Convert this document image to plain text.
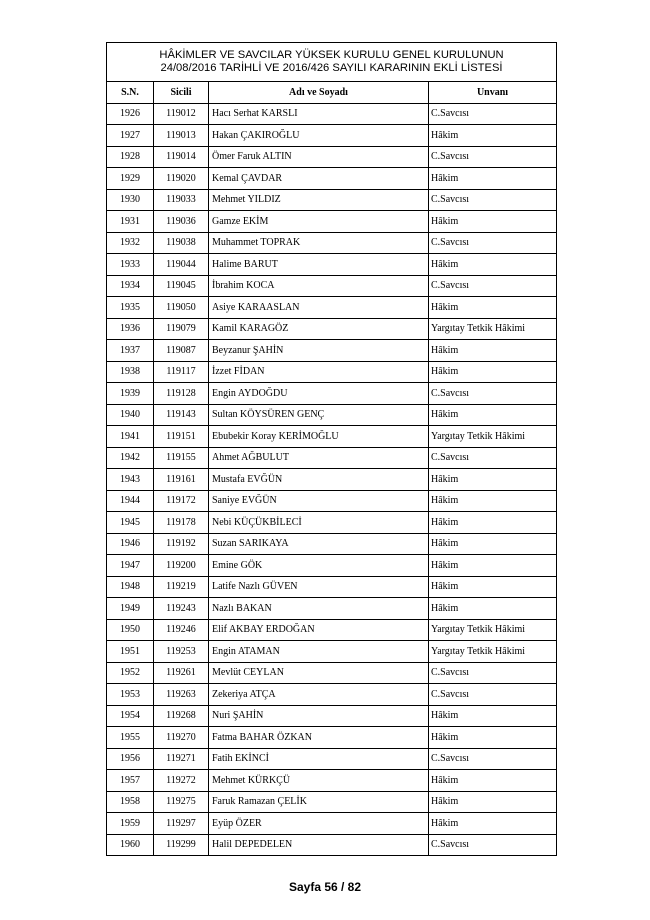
HÂKİMLER VE SAVCILAR YÜKSEK KURULU GENEL KURULUNUN
24/08/2016 TARİHLİ VE 2016/426 SAYILI KARARININ EKLİ LİSTESİ			

S.N.	Sicili	Adı ve Soyadı	Unvanı
1926	119012	Hacı Serhat KARSLI	C.Savcısı
1927	119013	Hakan ÇAKIROĞLU	Hâkim
1928	119014	Ömer Faruk ALTIN	C.Savcısı
1929	119020	Kemal ÇAVDAR	Hâkim
1930	119033	Mehmet YILDIZ	C.Savcısı
1931	119036	Gamze EKİM	Hâkim
1932	119038	Muhammet TOPRAK	C.Savcısı
1933	119044	Halime BARUT	Hâkim
1934	119045	İbrahim KOCA	C.Savcısı
1935	119050	Asiye KARAASLAN	Hâkim
1936	119079	Kamil KARAGÖZ	Yargıtay Tetkik Hâkimi
1937	119087	Beyzanur ŞAHİN	Hâkim
1938	119117	İzzet FİDAN	Hâkim
1939	119128	Engin AYDOĞDU	C.Savcısı
1940	119143	Sultan KÖYSÜREN GENÇ	Hâkim
1941	119151	Ebubekir Koray KERİMOĞLU	Yargıtay Tetkik Hâkimi
1942	119155	Ahmet AĞBULUT	C.Savcısı
1943	119161	Mustafa EVĞÜN	Hâkim
1944	119172	Saniye EVĞÜN	Hâkim
1945	119178	Nebi KÜÇÜKBİLECİ	Hâkim
1946	119192	Suzan SARIKAYA	Hâkim
1947	119200	Emine GÖK	Hâkim
1948	119219	Latife Nazlı GÜVEN	Hâkim
1949	119243	Nazlı BAKAN	Hâkim
1950	119246	Elif AKBAY ERDOĞAN	Yargıtay Tetkik Hâkimi
1951	119253	Engin ATAMAN	Yargıtay Tetkik Hâkimi
1952	119261	Mevlüt CEYLAN	C.Savcısı
1953	119263	Zekeriya ATÇA	C.Savcısı
1954	119268	Nuri ŞAHİN	Hâkim
1955	119270	Fatma BAHAR ÖZKAN	Hâkim
1956	119271	Fatih EKİNCİ	C.Savcısı
1957	119272	Mehmet KÜRKÇÜ	Hâkim
1958	119275	Faruk Ramazan ÇELİK	Hâkim
1959	119297	Eyüp ÖZER	Hâkim
1960	119299	Halil DEPEDELEN	C.Savcısı
Sayfa 56 / 82
